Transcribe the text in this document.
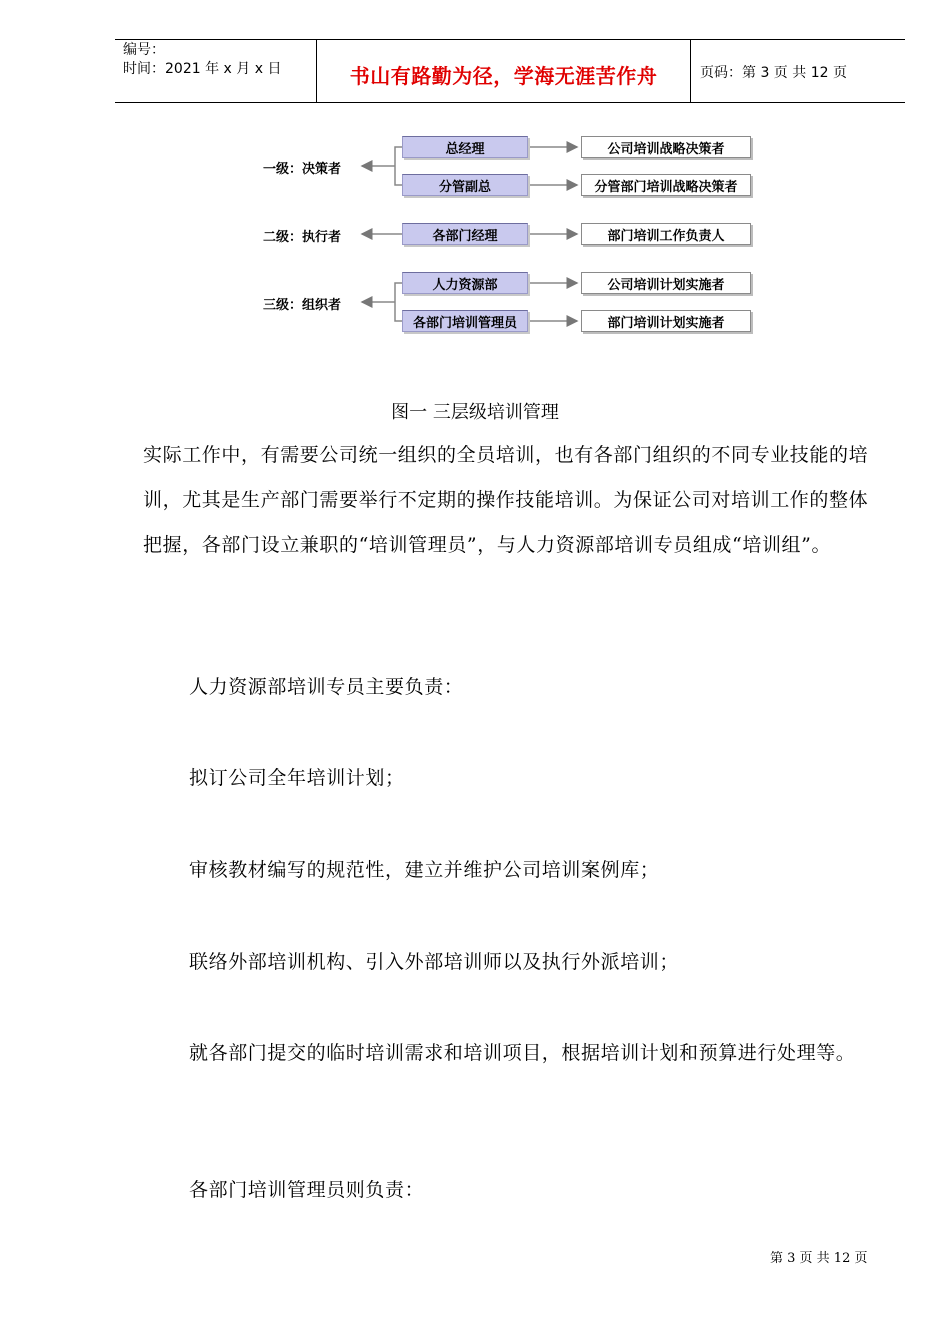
编号：
时间：2021 年 x 月 x 日	书山有路勤为径，学海无涯苦作舟	页码：第 3 页 共 12 页
一级：决策者
二级：执行者
三级：组织者
总经理
分管副总
各部门经理
人力资源部
各部门培训管理员
公司培训战略决策者
分管部门培训战略决策者
部门培训工作负责人
公司培训计划实施者
部门培训计划实施者
图一 三层级培训管理
实际工作中，有需要公司统一组织的全员培训，也有各部门组织的不同专业技能的培训，尤其是生产部门需要举行不定期的操作技能培训。为保证公司对培训工作的整体把握，各部门设立兼职的“培训管理员”，与人力资源部培训专员组成“培训组”。
人力资源部培训专员主要负责：
拟订公司全年培训计划；
审核教材编写的规范性，建立并维护公司培训案例库；
联络外部培训机构、引入外部培训师以及执行外派培训；
就各部门提交的临时培训需求和培训项目，根据培训计划和预算进行处理等。
各部门培训管理员则负责：
第 3 页 共 12 页
